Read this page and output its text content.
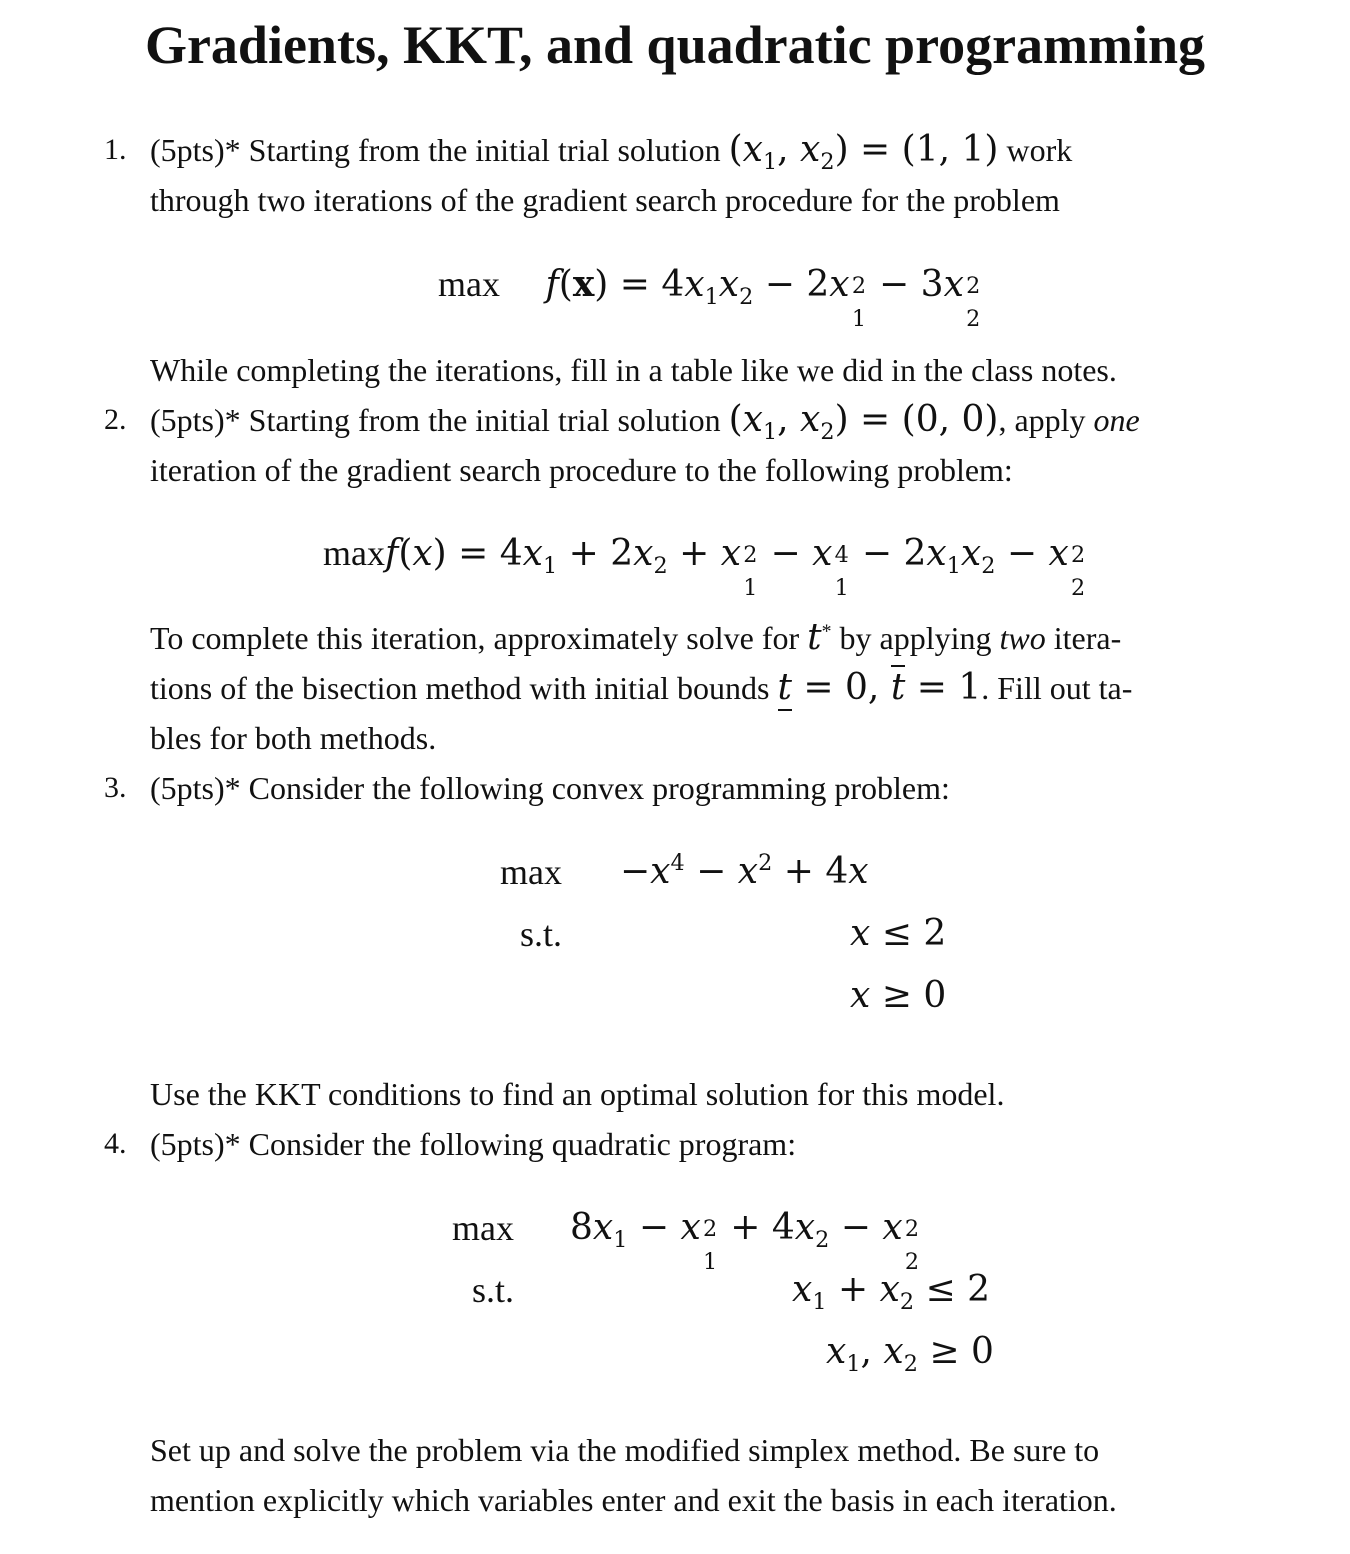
Gradients, KKT, and quadratic programming
1. (5pts)* Starting from the initial trial solution ($x_1$, $x_2) = (1$, 1) work
through two iterations of the gradient search procedure for the problem
$\max f(x) = 4x_1x_2 - 2x$ 2
1
− 3x 2
2
While completing the iterations, fill in a table like we did in the class notes.
2. (5pts)* Starting from the initial trial solution ($x_1$, $x_2) = (0$, 0), apply one
iteration of the gradient search procedure to the following problem:
$\max f(x) = 4x_1 + 2x_2 + x$ 2
1
− x 4
1
− $2x_1x_2 - x$ 2
2
To complete this iteration, approximately solve for t* by applying two itera-
tions of the bisection method with initial bounds t = 0, t = 1. Fill out ta-
bles for both methods.
3. (5pts)* Consider the following convex programming problem:
$\max -x^4 - x^2 + 4x$
s.t.	x ≤ 2
x ≥ 0
Use the KKT conditions to find an optimal solution for this model.
4. (5pts)* Consider the following quadratic program:
$\max 8x_1 - x$ 2
1
+ $4x_2 - x$ 2
2
s.t.	$x_1 + x_2 \le 2$
$x_1$, $x_2 \ge 0$
Set up and solve the problem via the modified simplex method. Be sure to
mention explicitly which variables enter and exit the basis in each iteration.
